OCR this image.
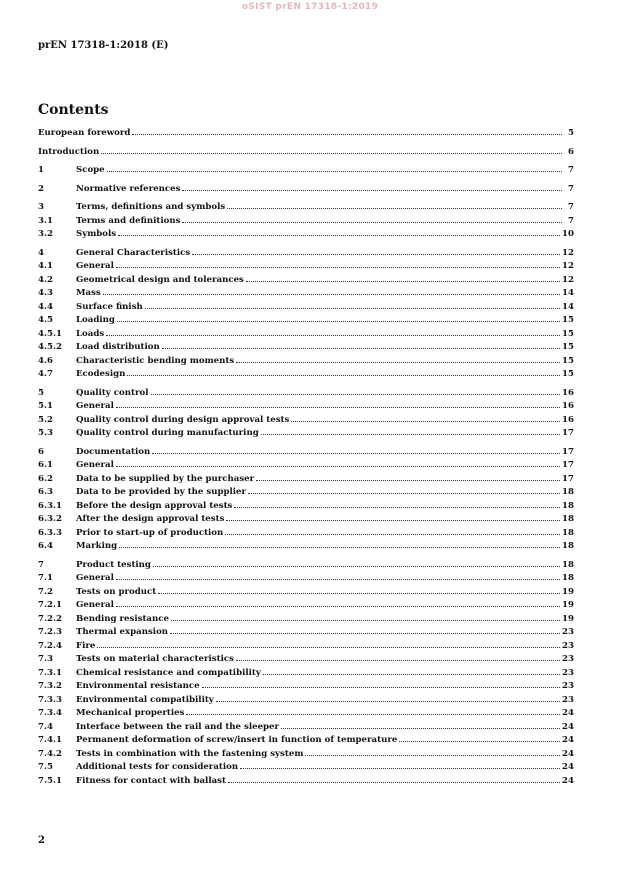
oSIST prEN 17318-1:2019
prEN 17318-1:2018 (E)
Contents
European foreword	5
Introduction	6
1	Scope	7
2	Normative references	7
3	Terms, definitions and symbols	7
3.1	Terms and definitions	7
3.2	Symbols	10
4	General Characteristics	12
4.1	General	12
4.2	Geometrical design and tolerances	12
4.3	Mass	14
4.4	Surface finish	14
4.5	Loading	15
4.5.1	Loads	15
4.5.2	Load distribution	15
4.6	Characteristic bending moments	15
4.7	Ecodesign	15
5	Quality control	16
5.1	General	16
5.2	Quality control during design approval tests	16
5.3	Quality control during manufacturing	17
6	Documentation	17
6.1	General	17
6.2	Data to be supplied by the purchaser	17
6.3	Data to be provided by the supplier	18
6.3.1	Before the design approval tests	18
6.3.2	After the design approval tests	18
6.3.3	Prior to start-up of production	18
6.4	Marking	18
7	Product testing	18
7.1	General	18
7.2	Tests on product	19
7.2.1	General	19
7.2.2	Bending resistance	19
7.2.3	Thermal expansion	23
7.2.4	Fire	23
7.3	Tests on material characteristics	23
7.3.1	Chemical resistance and compatibility	23
7.3.2	Environmental resistance	23
7.3.3	Environmental compatibility	23
7.3.4	Mechanical properties	24
7.4	Interface between the rail and the sleeper	24
7.4.1	Permanent deformation of screw/insert in function of temperature	24
7.4.2	Tests in combination with the fastening system	24
7.5	Additional tests for consideration	24
7.5.1	Fitness for contact with ballast	24
2
